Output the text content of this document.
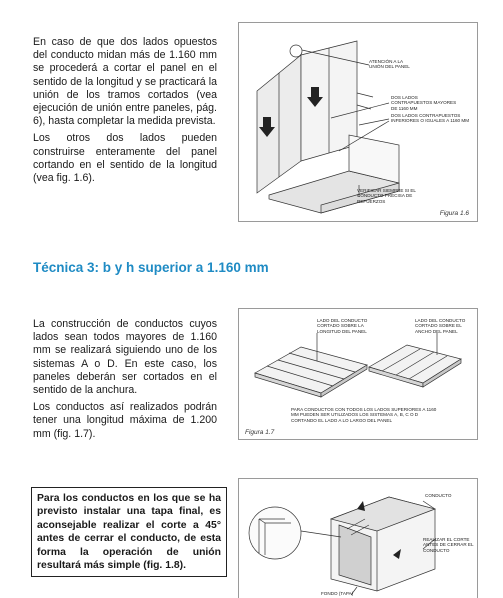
En caso de que dos lados opuestos del conducto midan más de 1.160 mm se procederá a cortar el panel en el sentido de la longitud y se practicará la unión de los tramos cortados (vea ejecución de unión entre paneles, pág. 6), hasta completar la medida prevista.

Los otros dos lados pueden construirse enteramente del panel cortando en el sentido de la longitud (vea fig. 1.6).

ATENCIÓN A LA UNIÓN DEL PANEL
DOS LADOS CONTRAPUESTOS MAYORES DE 1160 MM
DOS LADOS CONTRAPUESTOS INFERIORES O IGUALES A 1160 MM
VERIFICAR SIEMPRE SI EL CONDUCTO PRECISA DE REFUERZOS
Figura 1.6
Técnica 3: b y h superior a 1.160 mm

La construcción de conductos cuyos lados sean todos mayores de 1.160 mm se realizará siguiendo uno de los sistemas A o D. En este caso, los paneles deberán ser cortados en el sentido de la anchura.

Los conductos así realizados podrán tener una longitud máxima de 1.200 mm (fig. 1.7).

LADO DEL CONDUCTO CORTADO SOBRE LA LONGITUD DEL PANEL
LADO DEL CONDUCTO CORTADO SOBRE EL ANCHO DEL PANEL
PARA CONDUCTOS CON TODOS LOS LADOS SUPERIORES A 1160 MM PUEDEN SER UTILIZADOS LOS SISTEMAS A, B, C O D CORTANDO EL LADO A LO LARGO DEL PANEL
Figura 1.7
Para los conductos en los que se ha previsto instalar una tapa final, es aconsejable realizar el corte a 45° antes de cerrar el conducto, de esta forma la operación de unión resultará más simple (fig. 1.8).
CONDUCTO
REALIZAR EL CORTE ANTES DE CERRAR EL CONDUCTO
FONDO (TAPA)
